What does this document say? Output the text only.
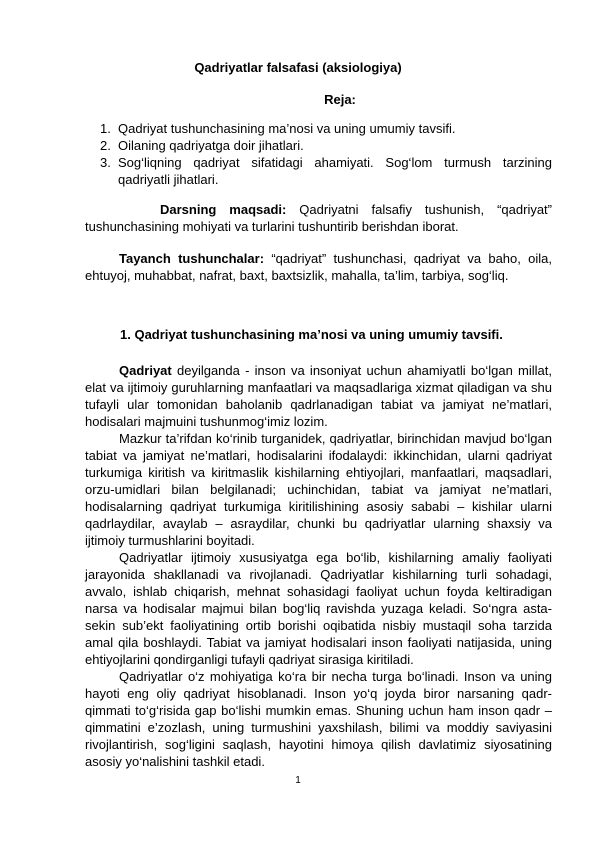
Qadriyatlar falsafasi (aksiologiya)
Reja:
1. Qadriyat tushunchasining ma’nosi va uning umumiy tavsifi.
2. Oilaning qadriyatga doir jihatlari.
3. Sog‘liqning qadriyat sifatidagi ahamiyati. Sog‘lom turmush tarzining qadriyatli jihatlari.
Darsning maqsadi: Qadriyatni falsafiy tushunish, “qadriyat” tushunchasining mohiyati va turlarini tushuntirib berishdan iborat.
Tayanch tushunchalar: “qadriyat” tushunchasi, qadriyat va baho, oila, ehtuyoj, muhabbat, nafrat, baxt, baxtsizlik, mahalla, ta’lim, tarbiya, sog‘liq.
1. Qadriyat tushunchasining ma’nosi va uning umumiy tavsifi.

Qadriyat deyilganda - inson va insoniyat uchun ahamiyatli bo‘lgan millat, elat va ijtimoiy guruhlarning manfaatlari va maqsadlariga xizmat qiladigan va shu tufayli ular tomonidan baholanib qadrlanadigan tabiat va jamiyat ne’matlari, hodisalari majmuini tushunmog‘imiz lozim.

Mazkur ta’rifdan ko‘rinib turganidek, qadriyatlar, birinchidan mavjud bo‘lgan tabiat va jamiyat ne’matlari, hodisalarini ifodalaydi: ikkinchidan, ularni qadriyat turkumiga kiritish va kiritmaslik kishilarning ehtiyojlari, manfaatlari, maqsadlari, orzu-umidlari bilan belgilanadi; uchinchidan, tabiat va jamiyat ne’matlari, hodisalarning qadriyat turkumiga kiritilishining asosiy sababi – kishilar ularni qadrlaydilar, avaylab – asraydilar, chunki bu qadriyatlar ularning shaxsiy va ijtimoiy turmushlarini boyitadi.

Qadriyatlar ijtimoiy xususiyatga ega bo‘lib, kishilarning amaliy faoliyati jarayonida shakllanadi va rivojlanadi. Qadriyatlar kishilarning turli sohadagi, avvalo, ishlab chiqarish, mehnat sohasidagi faoliyat uchun foyda keltiradigan narsa va hodisalar majmui bilan bog‘liq ravishda yuzaga keladi. So‘ngra asta-sekin sub’ekt faoliyatining ortib borishi oqibatida nisbiy mustaqil soha tarzida amal qila boshlaydi. Tabiat va jamiyat hodisalari inson faoliyati natijasida, uning ehtiyojlarini qondirganligi tufayli qadriyat sirasiga kiritiladi.

Qadriyatlar o‘z mohiyatiga ko‘ra bir necha turga bo‘linadi. Inson va uning hayoti eng oliy qadriyat hisoblanadi. Inson yo‘q joyda biror narsaning qadr-qimmati to‘g‘risida gap bo‘lishi mumkin emas. Shuning uchun ham inson qadr – qimmatini e’zozlash, uning turmushini yaxshilash, bilimi va moddiy saviyasini rivojlantirish, sog‘ligini saqlash, hayotini himoya qilish davlatimiz siyosatining asosiy yo‘nalishini tashkil etadi.

1
